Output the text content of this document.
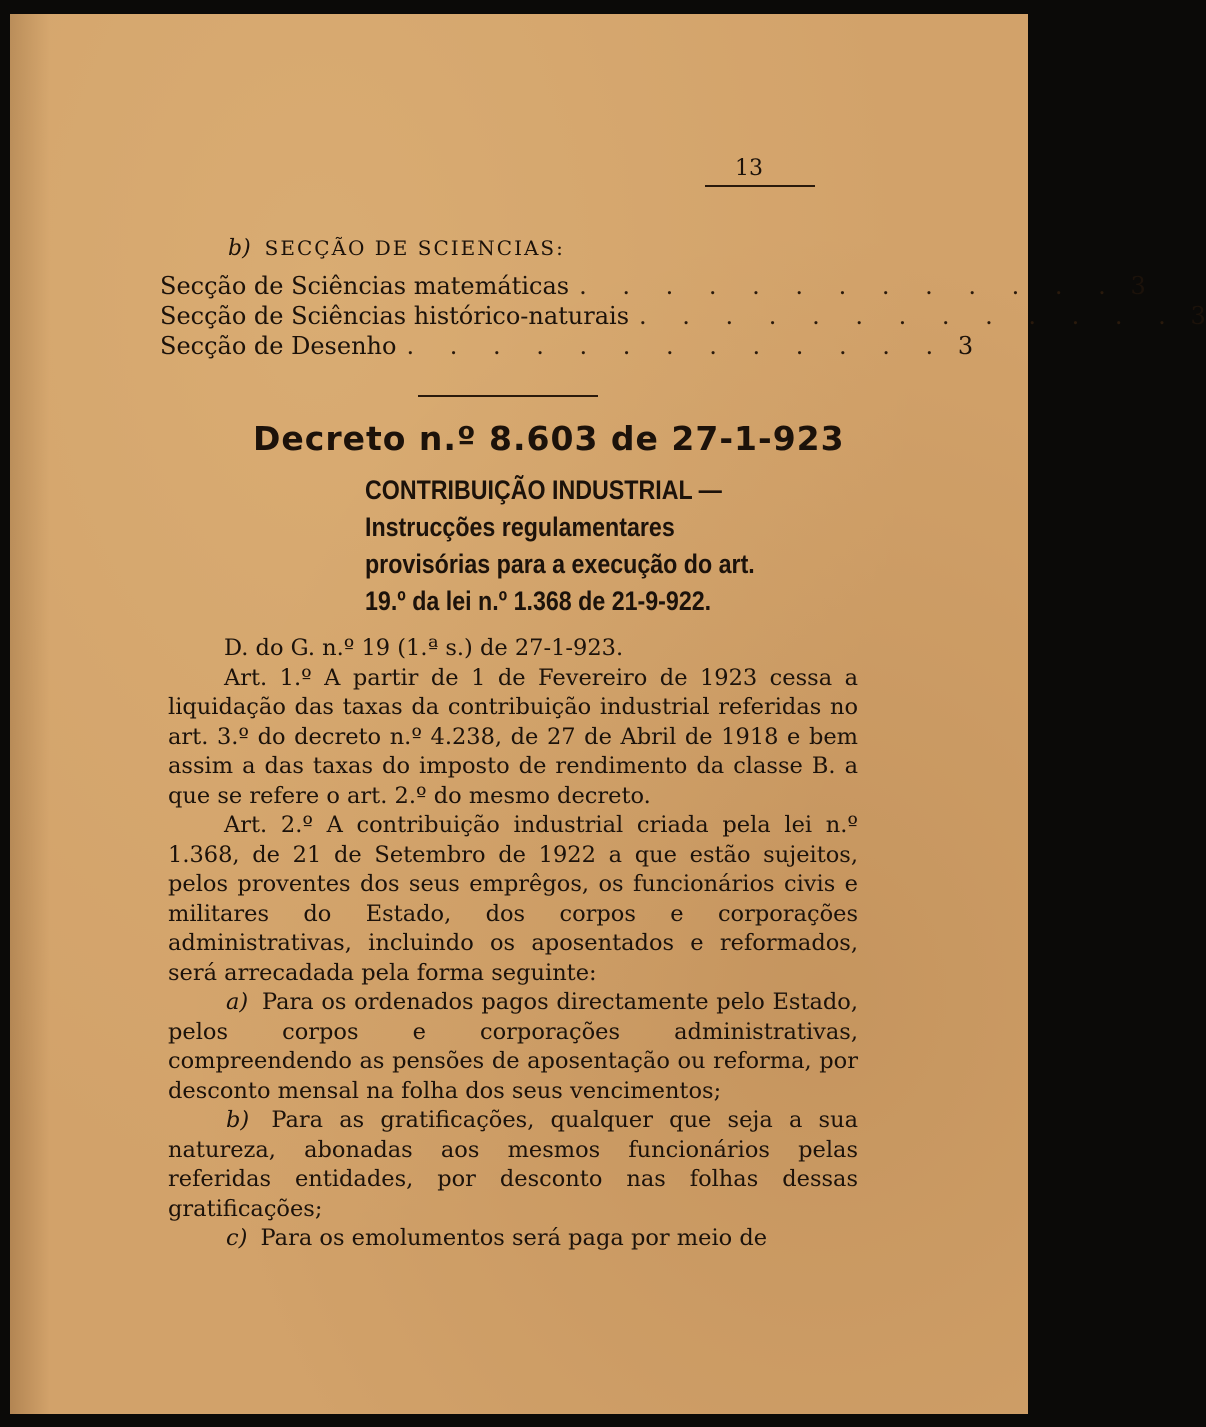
13
b) SECÇÃO DE SCIENCIAS:
Secção de Sciências matemáticas . . . . . . . . . . . . . 3
Secção de Sciências histórico-naturais . . . . . . . . . . . . . 3
Secção de Desenho . . . . . . . . . . . . . 3
Decreto n.º 8.603 de 27-1-923
CONTRIBUIÇÃO INDUSTRIAL — Instrucções regulamentares provisórias para a execução do art. 19.º da lei n.º 1.368 de 21-9-922.

D. do G. n.º 19 (1.ª s.) de 27-1-923.

Art. 1.º A partir de 1 de Fevereiro de 1923 cessa a liquidação das taxas da contribuição industrial referidas no art. 3.º do decreto n.º 4.238, de 27 de Abril de 1918 e bem assim a das taxas do imposto de rendimento da classe B. a que se refere o art. 2.º do mesmo decreto.

Art. 2.º A contribuição industrial criada pela lei n.º 1.368, de 21 de Setembro de 1922 a que estão sujeitos, pelos proventes dos seus emprêgos, os funcionários civis e militares do Estado, dos corpos e corporações administrativas, incluindo os aposentados e reformados, será arrecadada pela forma seguinte:

a) Para os ordenados pagos directamente pelo Estado, pelos corpos e corporações administrativas, compreendendo as pensões de aposentação ou reforma, por desconto mensal na folha dos seus vencimentos;

b) Para as gratificações, qualquer que seja a sua natureza, abonadas aos mesmos funcionários pelas referidas entidades, por desconto nas folhas dessas gratificações;

c) Para os emolumentos será paga por meio de
